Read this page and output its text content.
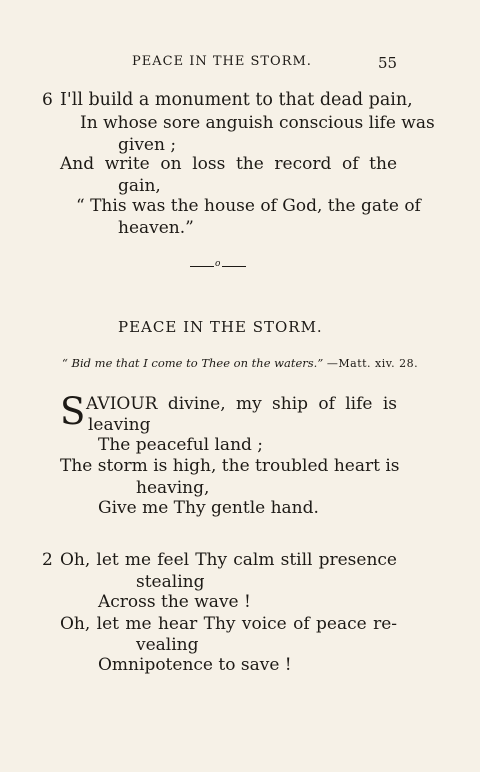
PEACE IN THE STORM.	55
6 I'll build a monument to that dead pain,
In whose sore anguish conscious life was
given ;
And write on loss the record of the
gain,
“ This was the house of God, the gate of
heaven.”
o
PEACE IN THE STORM.
“ Bid me that I come to Thee on the waters.” —Matt. xiv. 28.
S AVIOUR divine, my ship of life is
leaving
The peaceful land ;
The storm is high, the troubled heart is
heaving,
Give me Thy gentle hand.
2 Oh, let me feel Thy calm still presence
stealing
Across the wave !
Oh, let me hear Thy voice of peace re-
vealing
Omnipotence to save !
